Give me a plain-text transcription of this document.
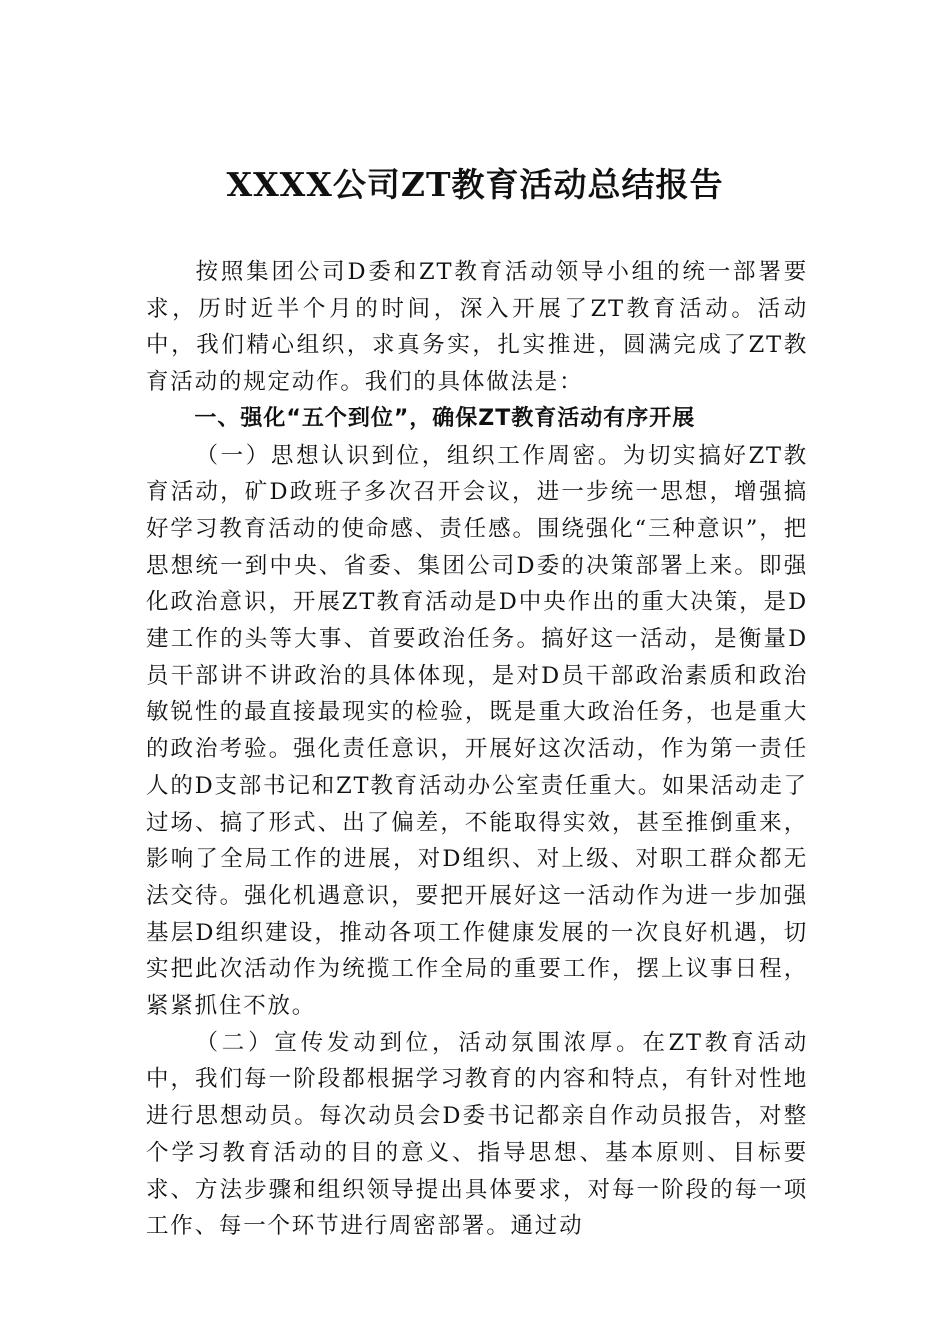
XXXX公司ZT教育活动总结报告

按照集团公司D委和ZT教育活动领导小组的统一部署要求，历时近半个月的时间，深入开展了ZT教育活动。活动中，我们精心组织，求真务实，扎实推进，圆满完成了ZT教育活动的规定动作。我们的具体做法是：

一、强化“五个到位”，确保ZT教育活动有序开展

（一）思想认识到位，组织工作周密。为切实搞好ZT教育活动，矿D政班子多次召开会议，进一步统一思想，增强搞好学习教育活动的使命感、责任感。围绕强化“三种意识”，把思想统一到中央、省委、集团公司D委的决策部署上来。即强化政治意识，开展ZT教育活动是D中央作出的重大决策，是D建工作的头等大事、首要政治任务。搞好这一活动，是衡量D员干部讲不讲政治的具体体现，是对D员干部政治素质和政治敏锐性的最直接最现实的检验，既是重大政治任务，也是重大的政治考验。强化责任意识，开展好这次活动，作为第一责任人的D支部书记和ZT教育活动办公室责任重大。如果活动走了过场、搞了形式、出了偏差，不能取得实效，甚至推倒重来，影响了全局工作的进展，对D组织、对上级、对职工群众都无法交待。强化机遇意识，要把开展好这一活动作为进一步加强基层D组织建设，推动各项工作健康发展的一次良好机遇，切实把此次活动作为统揽工作全局的重要工作，摆上议事日程，紧紧抓住不放。

（二）宣传发动到位，活动氛围浓厚。在ZT教育活动中，我们每一阶段都根据学习教育的内容和特点，有针对性地进行思想动员。每次动员会D委书记都亲自作动员报告，对整个学习教育活动的目的意义、指导思想、基本原则、目标要求、方法步骤和组织领导提出具体要求，对每一阶段的每一项工作、每一个环节进行周密部署。通过动
